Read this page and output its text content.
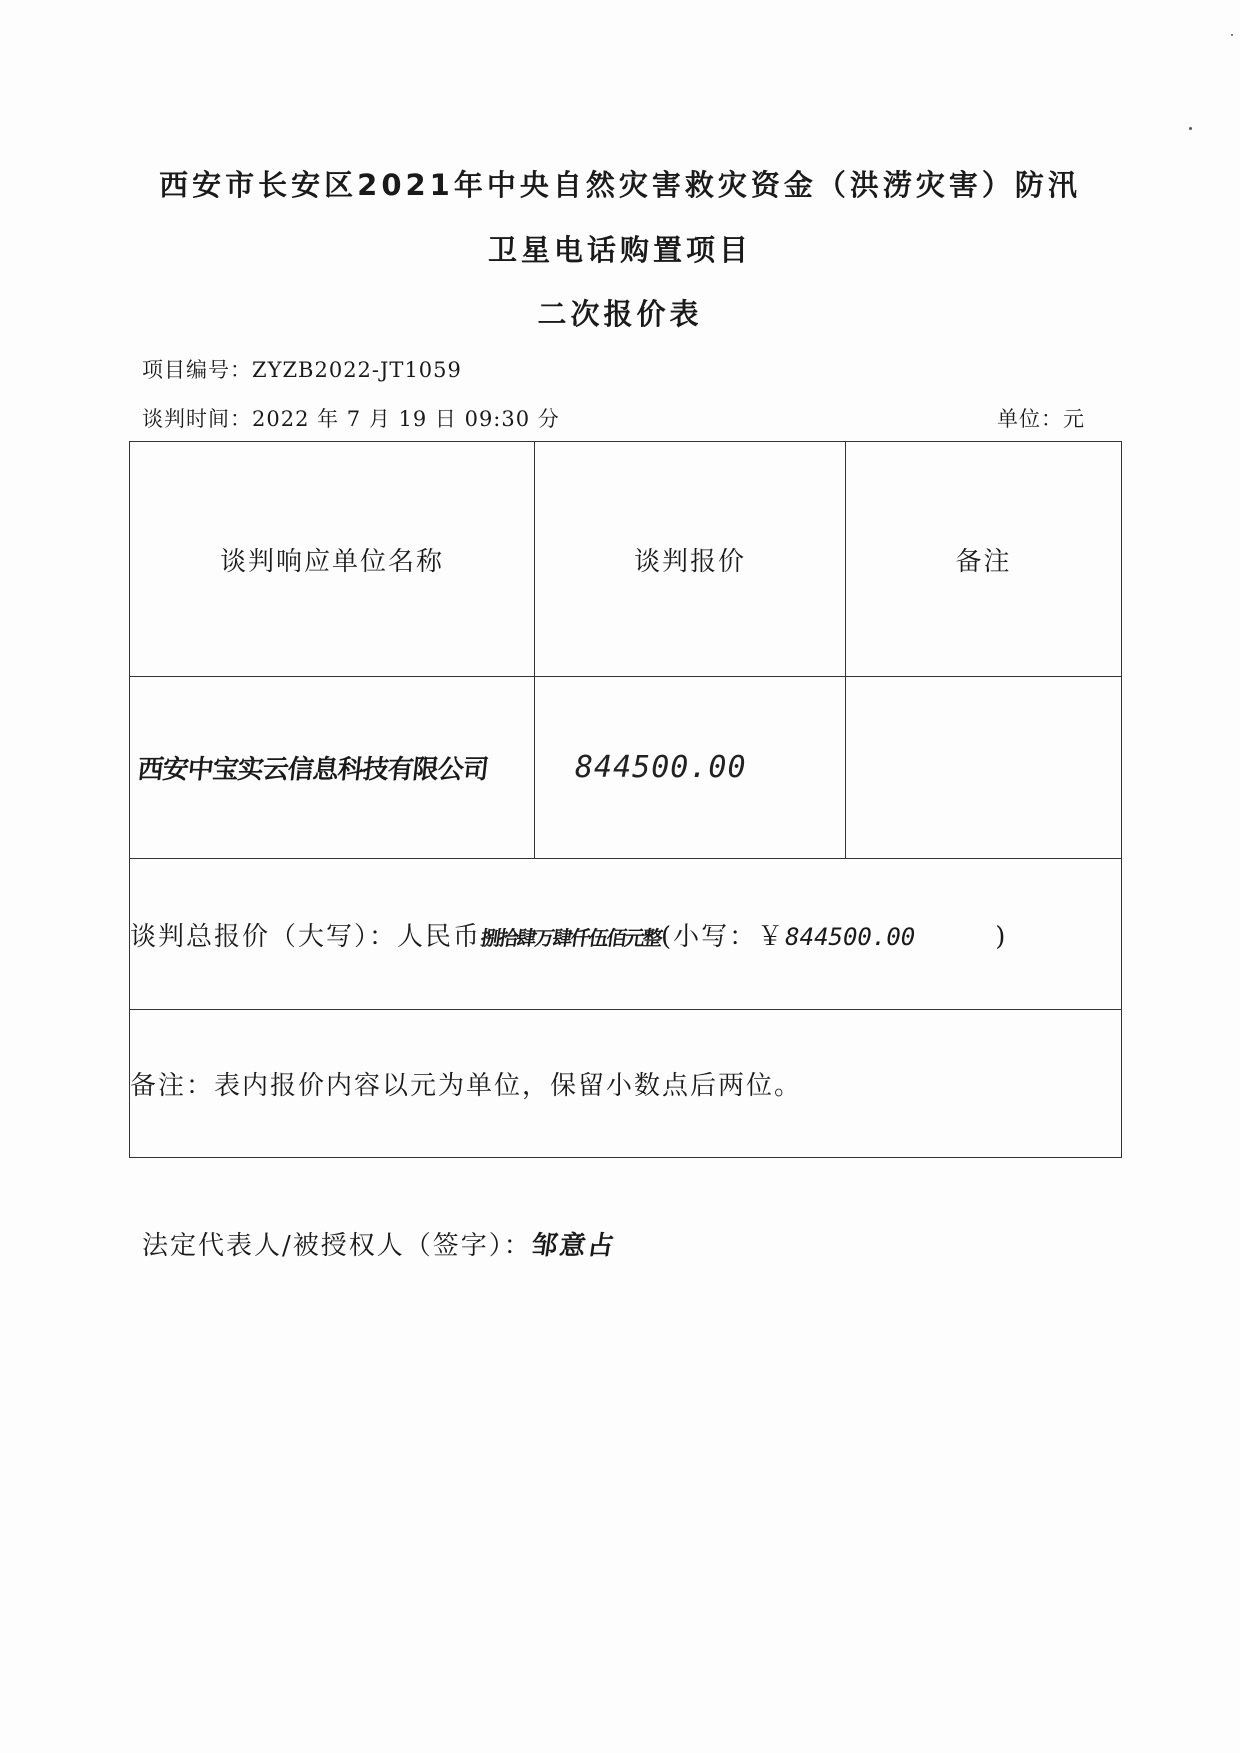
西安市长安区2021年中央自然灾害救灾资金（洪涝灾害）防汛
卫星电话购置项目
二次报价表
项目编号：ZYZB2022-JT1059
谈判时间：2022 年 7 月 19 日 09:30 分	单位：元
谈判响应单位名称	谈判报价	备注
西安中宝实云信息科技有限公司	844500.00	
谈判总报价（大写）：人民币捌拾肆万肆仟伍佰元整(小写：￥844500.00 )		
备注：表内报价内容以元为单位，保留小数点后两位。		
法定代表人/被授权人（签字）：邹意占
